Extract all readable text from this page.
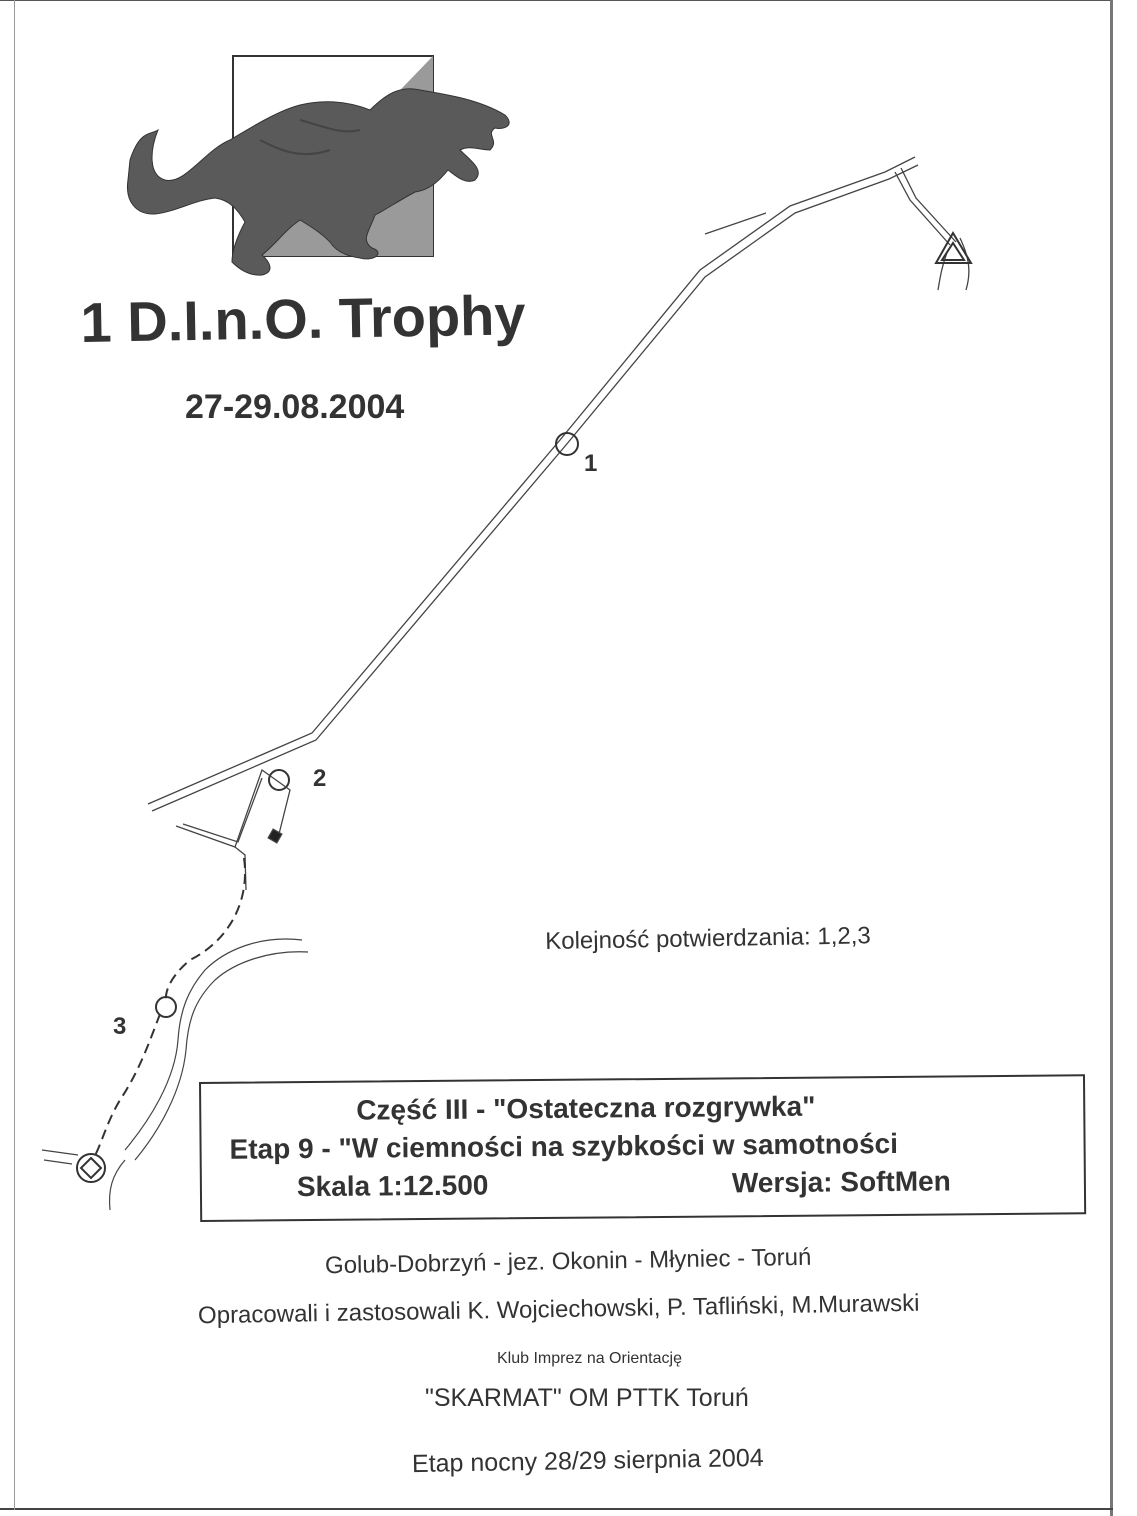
1 D.I.n.O. Trophy
27-29.08.2004
1
2
3
Kolejność potwierdzania: 1,2,3
Część III - "Ostateczna rozgrywka"
Etap 9 - "W ciemności na szybkości w samotności
Skala 1:12.500	Wersja: SoftMen
Golub-Dobrzyń - jez. Okonin - Młyniec - Toruń
Opracowali i zastosowali K. Wojciechowski, P. Tafliński, M.Murawski
Klub Imprez na Orientację
"SKARMAT" OM PTTK Toruń
Etap nocny 28/29 sierpnia 2004
